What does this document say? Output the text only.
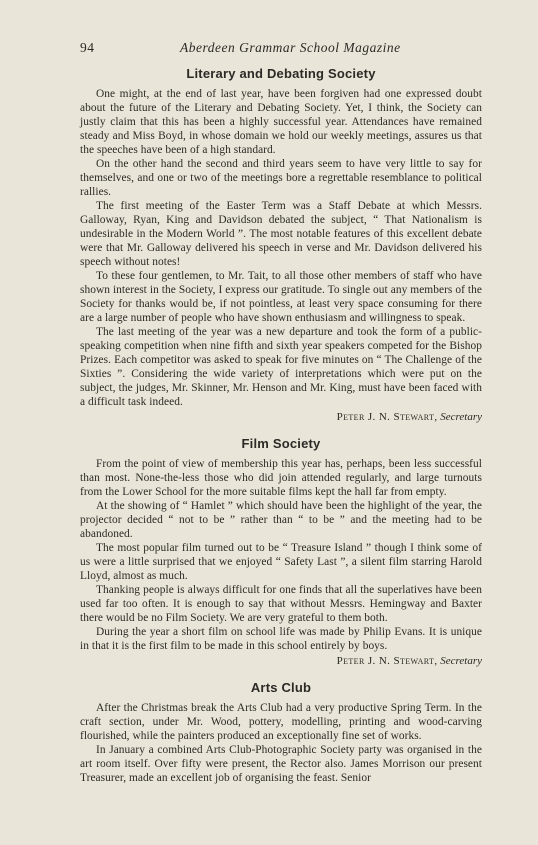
94	Aberdeen Grammar School Magazine
Literary and Debating Society

One might, at the end of last year, have been forgiven had one expressed doubt about the future of the Literary and Debating Society. Yet, I think, the Society can justly claim that this has been a highly successful year. Attendances have remained steady and Miss Boyd, in whose domain we hold our weekly meetings, assures us that the speeches have been of a high standard.

On the other hand the second and third years seem to have very little to say for themselves, and one or two of the meetings bore a regrettable resemblance to political rallies.

The first meeting of the Easter Term was a Staff Debate at which Messrs. Galloway, Ryan, King and Davidson debated the subject, “ That Nationalism is undesirable in the Modern World ”. The most notable features of this excellent debate were that Mr. Galloway delivered his speech in verse and Mr. Davidson delivered his speech without notes!

To these four gentlemen, to Mr. Tait, to all those other members of staff who have shown interest in the Society, I express our gratitude. To single out any members of the Society for thanks would be, if not pointless, at least very space consuming for there are a large number of people who have shown enthusiasm and willingness to speak.

The last meeting of the year was a new departure and took the form of a public-speaking competition when nine fifth and sixth year speakers competed for the Bishop Prizes. Each competitor was asked to speak for five minutes on “ The Challenge of the Sixties ”. Considering the wide variety of interpretations which were put on the subject, the judges, Mr. Skinner, Mr. Henson and Mr. King, must have been faced with a difficult task indeed.

Peter J. N. Stewart, Secretary
Film Society

From the point of view of membership this year has, perhaps, been less successful than most. None-the-less those who did join attended regularly, and large turnouts from the Lower School for the more suitable films kept the hall far from empty.

At the showing of “ Hamlet ” which should have been the highlight of the year, the projector decided “ not to be ” rather than “ to be ” and the meeting had to be abandoned.

The most popular film turned out to be “ Treasure Island ” though I think some of us were a little surprised that we enjoyed “ Safety Last ”, a silent film starring Harold Lloyd, almost as much.

Thanking people is always difficult for one finds that all the superlatives have been used far too often. It is enough to say that without Messrs. Hemingway and Baxter there would be no Film Society. We are very grateful to them both.

During the year a short film on school life was made by Philip Evans. It is unique in that it is the first film to be made in this school entirely by boys.

Peter J. N. Stewart, Secretary
Arts Club

After the Christmas break the Arts Club had a very productive Spring Term. In the craft section, under Mr. Wood, pottery, modelling, printing and wood-carving flourished, while the painters produced an exceptionally fine set of works.

In January a combined Arts Club-Photographic Society party was organised in the art room itself. Over fifty were present, the Rector also. James Morrison our present Treasurer, made an excellent job of organising the feast. Senior
